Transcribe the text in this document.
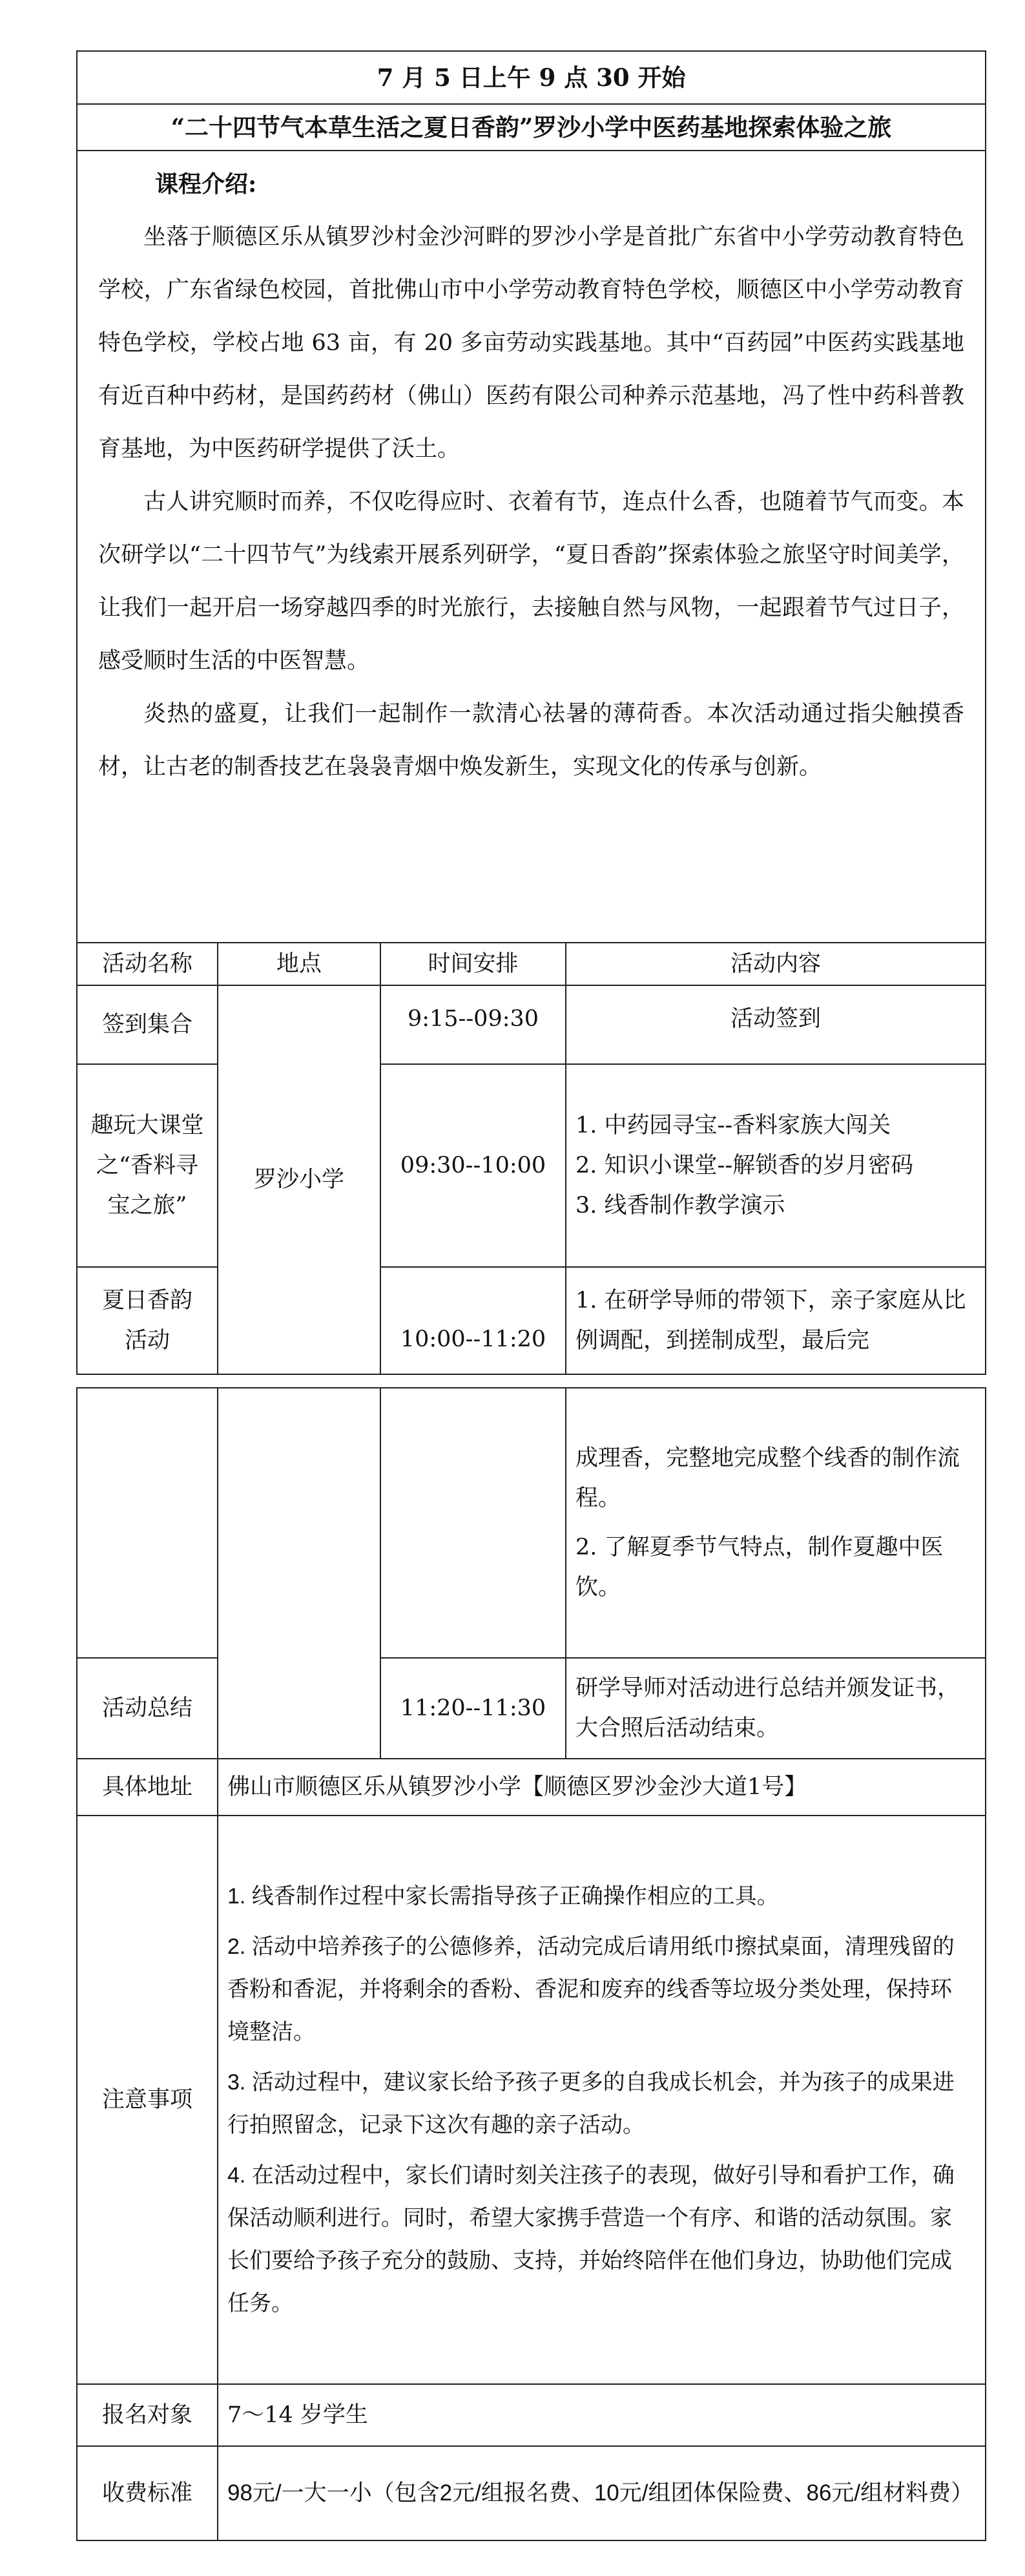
7 月 5 日上午 9 点 30 开始			
“二十四节气本草生活之夏日香韵”罗沙小学中医药基地探索体验之旅			

课程介绍:

坐落于顺德区乐从镇罗沙村金沙河畔的罗沙小学是首批广东省中小学劳动教育特色学校，广东省绿色校园，首批佛山市中小学劳动教育特色学校，顺德区中小学劳动教育特色学校，学校占地 63 亩，有 20 多亩劳动实践基地。其中“百药园”中医药实践基地有近百种中药材，是国药药材（佛山）医药有限公司种养示范基地，冯了性中药科普教育基地，为中医药研学提供了沃土。

古人讲究顺时而养，不仅吃得应时、衣着有节，连点什么香，也随着节气而变。本次研学以“二十四节气”为线索开展系列研学，“夏日香韵”探索体验之旅坚守时间美学，让我们一起开启一场穿越四季的时光旅行，去接触自然与风物，一起跟着节气过日子，感受顺时生活的中医智慧。

炎热的盛夏，让我们一起制作一款清心祛暑的薄荷香。本次活动通过指尖触摸香材，让古老的制香技艺在袅袅青烟中焕发新生，实现文化的传承与创新。			

活动名称	地点	时间安排	活动内容
签到集合	罗沙小学	9:15--09:30	活动签到
趣玩大课堂之“香料寻宝之旅”		09:30--10:00	1. 中药园寻宝--香料家族大闯关

2. 知识小课堂--解锁香的岁月密码

3. 线香制作教学演示

夏日香韵活动		10:00--11:20	1. 在研学导师的带领下，亲子家庭从比例调配，到搓制成型，最后完

			成理香，完整地完成整个线香的制作流程。

2. 了解夏季节气特点，制作夏趣中医饮。

活动总结		11:20--11:30	研学导师对活动进行总结并颁发证书，大合照后活动结束。
具体地址	佛山市顺德区乐从镇罗沙小学【顺德区罗沙金沙大道1号】		
注意事项	1. 线香制作过程中家长需指导孩子正确操作相应的工具。

2. 活动中培养孩子的公德修养，活动完成后请用纸巾擦拭桌面，清理残留的香粉和香泥，并将剩余的香粉、香泥和废弃的线香等垃圾分类处理，保持环境整洁。

3. 活动过程中，建议家长给予孩子更多的自我成长机会，并为孩子的成果进行拍照留念，记录下这次有趣的亲子活动。

4. 在活动过程中，家长们请时刻关注孩子的表现，做好引导和看护工作，确保活动顺利进行。同时，希望大家携手营造一个有序、和谐的活动氛围。家长们要给予孩子充分的鼓励、支持，并始终陪伴在他们身边，协助他们完成任务。		

报名对象	7～14 岁学生		
收费标准	98元/一大一小（包含2元/组报名费、10元/组团体保险费、86元/组材料费）		
